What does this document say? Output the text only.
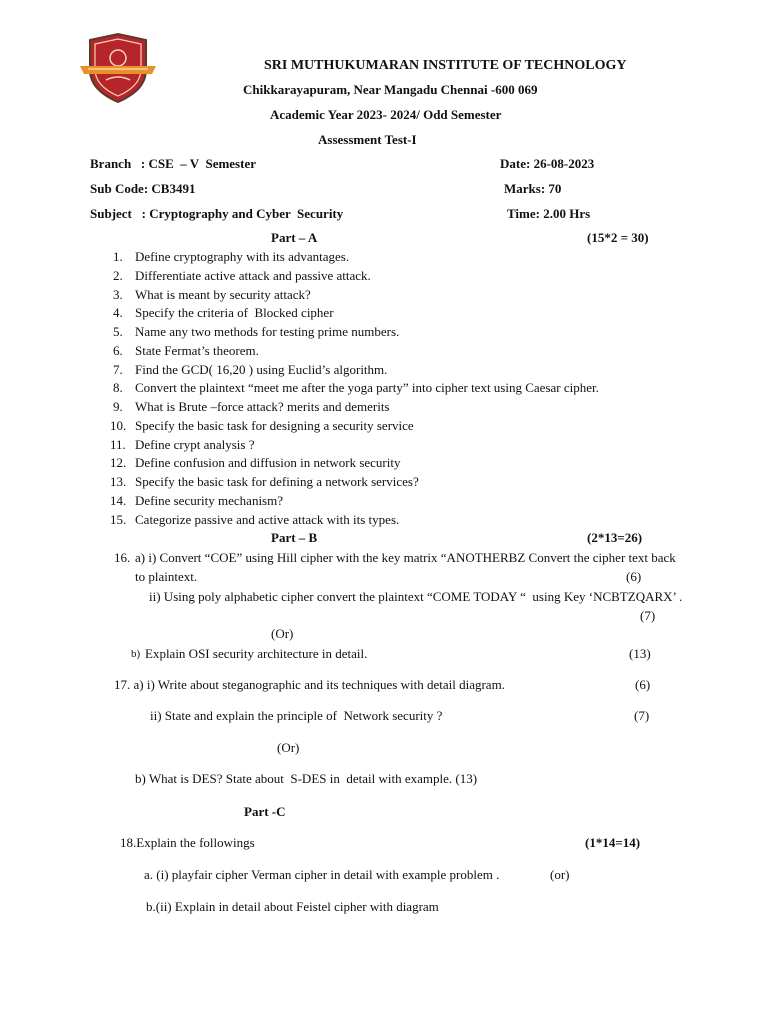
SRI MUTHUKUMARAN INSTITUTE OF TECHNOLOGY
Chikkarayapuram, Near Mangadu Chennai -600 069
Academic Year 2023- 2024/ Odd Semester
Assessment Test-I
Branch   : CSE  – V  Semester	Date: 26-08-2023
Sub Code: CB3491	Marks: 70
Subject   : Cryptography and Cyber  Security	Time: 2.00 Hrs
Part – A	(15*2 = 30)
1. Define cryptography with its advantages.
2. Differentiate active attack and passive attack.
3. What is meant by security attack?
4. Specify the criteria of  Blocked cipher
5. Name any two methods for testing prime numbers.
6. State Fermat’s theorem.
7. Find the GCD( 16,20 ) using Euclid’s algorithm.
8. Convert the plaintext “meet me after the yoga party” into cipher text using Caesar cipher.
9. What is Brute –force attack? merits and demerits
10. Specify the basic task for designing a security service
11. Define crypt analysis ?
12. Define confusion and diffusion in network security
13. Specify the basic task for defining a network services?
14. Define security mechanism?
15. Categorize passive and active attack with its types.
Part – B	(2*13=26)
16. a) i) Convert “COE” using Hill cipher with the key matrix “ANOTHERBZ Convert the cipher text back
to plaintext.	(6)
ii) Using poly alphabetic cipher convert the plaintext “COME TODAY “  using Key ‘NCBTZQARX’ .
(7)
(Or)
b) Explain OSI security architecture in detail.	(13)
17. a) i) Write about steganographic and its techniques with detail diagram.	(6)
ii) State and explain the principle of  Network security ?	(7)
(Or)
b) What is DES? State about  S-DES in  detail with example. (13)
Part -C
18.Explain the followings	(1*14=14)
a. (i) playfair cipher Verman cipher in detail with example problem .	(or)
b.(ii) Explain in detail about Feistel cipher with diagram
